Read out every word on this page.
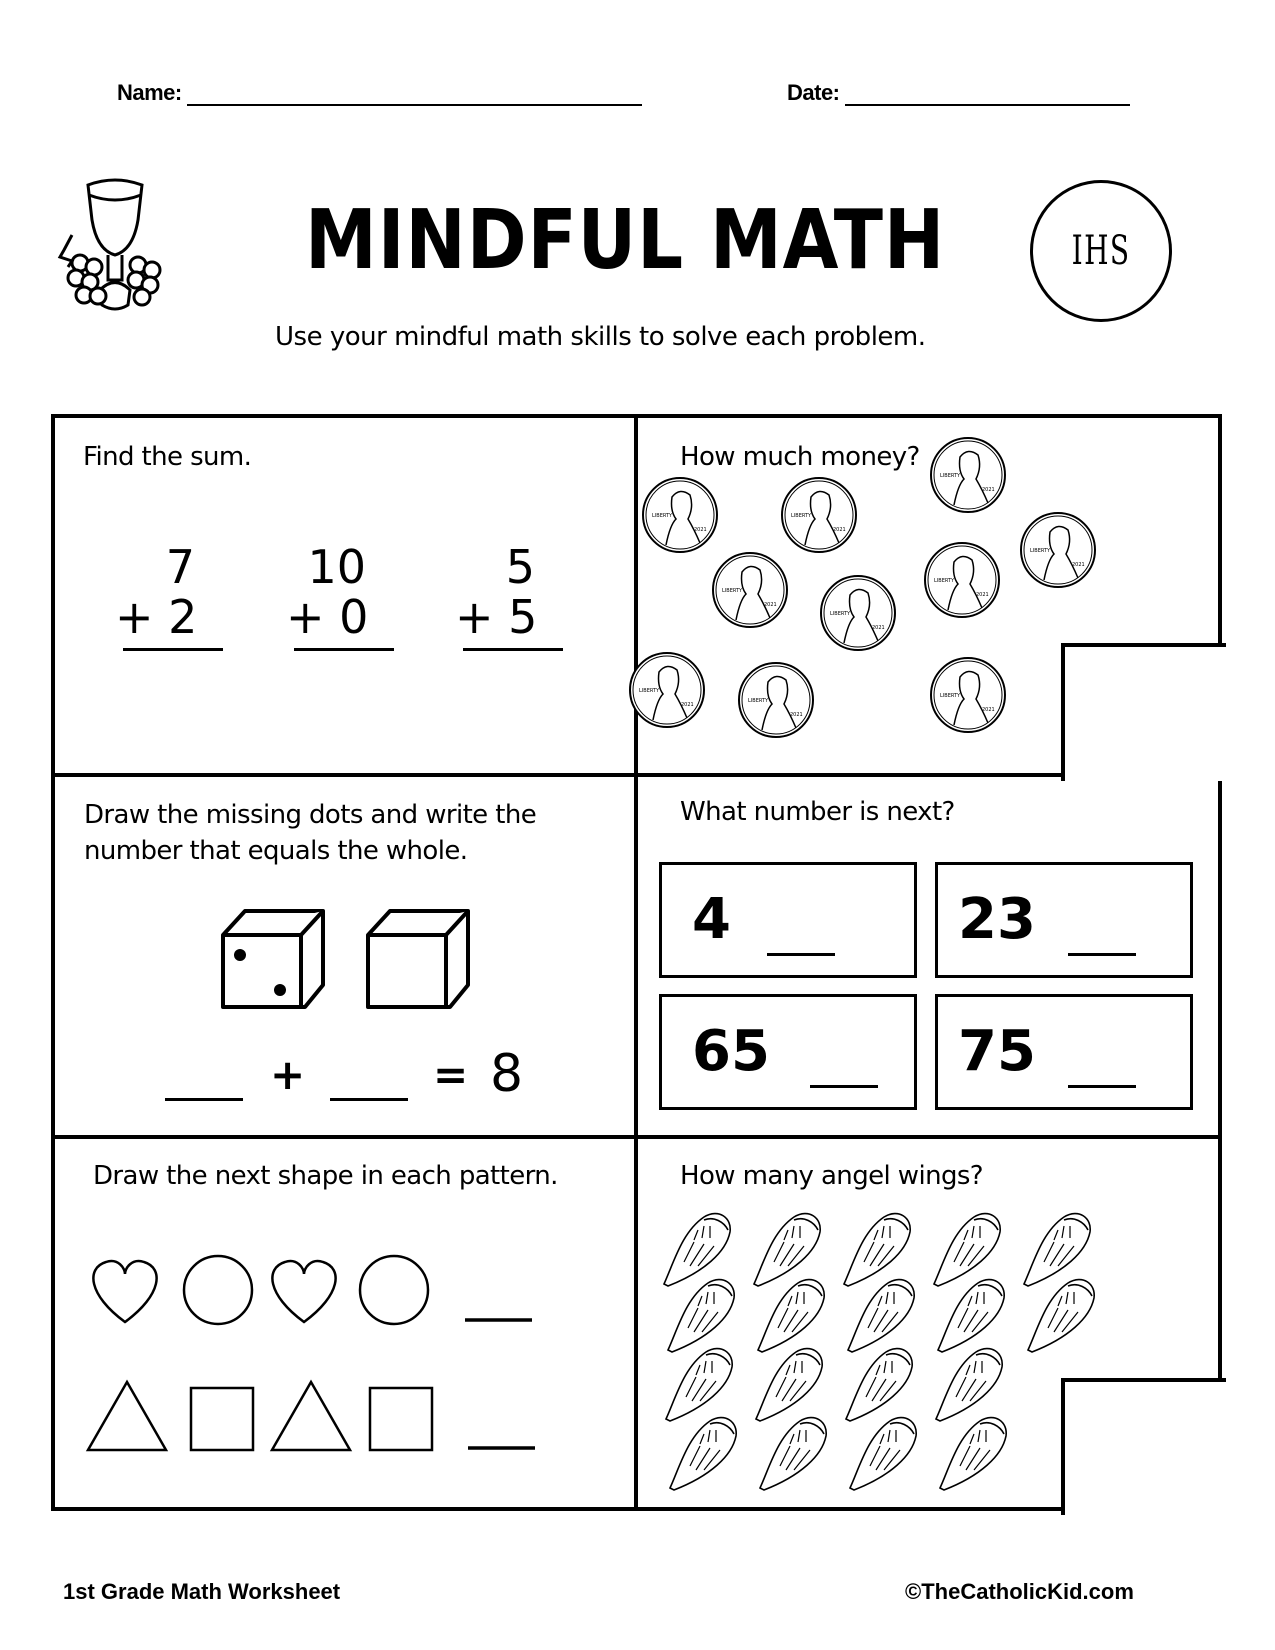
Name:	Date:
MINDFUL MATH	IHS
Use your mindful math skills to solve each problem.
Find the sum.
7
+ 2
10
+ 0
5
+ 5
How much money?
LIBERTY
2021
Draw the missing dots and write the
number that equals the whole.
+	= 8
What number is next?
4	23
65	75
Draw the next shape in each pattern.	How many angel wings?
1st Grade Math Worksheet	©TheCatholicKid.com
